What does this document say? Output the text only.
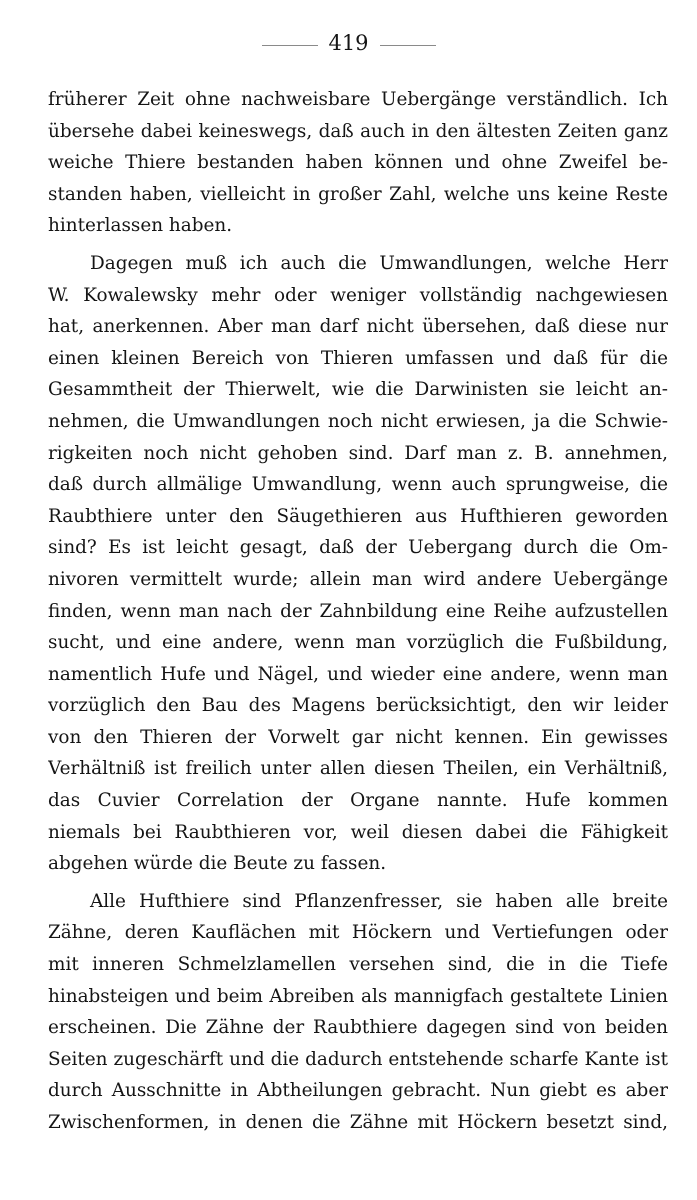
419
früherer Zeit ohne nachweisbare Uebergänge verständlich. Ich
übersehe dabei keineswegs, daß auch in den ältesten Zeiten ganz
weiche Thiere bestanden haben können und ohne Zweifel be-
standen haben, vielleicht in großer Zahl, welche uns keine Reste
hinterlassen haben.
Dagegen muß ich auch die Umwandlungen, welche Herr
W. Kowalewsky mehr oder weniger vollständig nachgewiesen
hat, anerkennen. Aber man darf nicht übersehen, daß diese nur
einen kleinen Bereich von Thieren umfassen und daß für die
Gesammtheit der Thierwelt, wie die Darwinisten sie leicht an-
nehmen, die Umwandlungen noch nicht erwiesen, ja die Schwie-
rigkeiten noch nicht gehoben sind. Darf man z. B. annehmen,
daß durch allmälige Umwandlung, wenn auch sprungweise, die
Raubthiere unter den Säugethieren aus Hufthieren geworden
sind? Es ist leicht gesagt, daß der Uebergang durch die Om-
nivoren vermittelt wurde; allein man wird andere Uebergänge
finden, wenn man nach der Zahnbildung eine Reihe aufzustellen
sucht, und eine andere, wenn man vorzüglich die Fußbildung,
namentlich Hufe und Nägel, und wieder eine andere, wenn man
vorzüglich den Bau des Magens berücksichtigt, den wir leider
von den Thieren der Vorwelt gar nicht kennen. Ein gewisses
Verhältniß ist freilich unter allen diesen Theilen, ein Verhältniß,
das Cuvier Correlation der Organe nannte. Hufe kommen
niemals bei Raubthieren vor, weil diesen dabei die Fähigkeit
abgehen würde die Beute zu fassen.
Alle Hufthiere sind Pflanzenfresser, sie haben alle breite
Zähne, deren Kauflächen mit Höckern und Vertiefungen oder
mit inneren Schmelzlamellen versehen sind, die in die Tiefe
hinabsteigen und beim Abreiben als mannigfach gestaltete Linien
erscheinen. Die Zähne der Raubthiere dagegen sind von beiden
Seiten zugeschärft und die dadurch entstehende scharfe Kante ist
durch Ausschnitte in Abtheilungen gebracht. Nun giebt es aber
Zwischenformen, in denen die Zähne mit Höckern besetzt sind,
